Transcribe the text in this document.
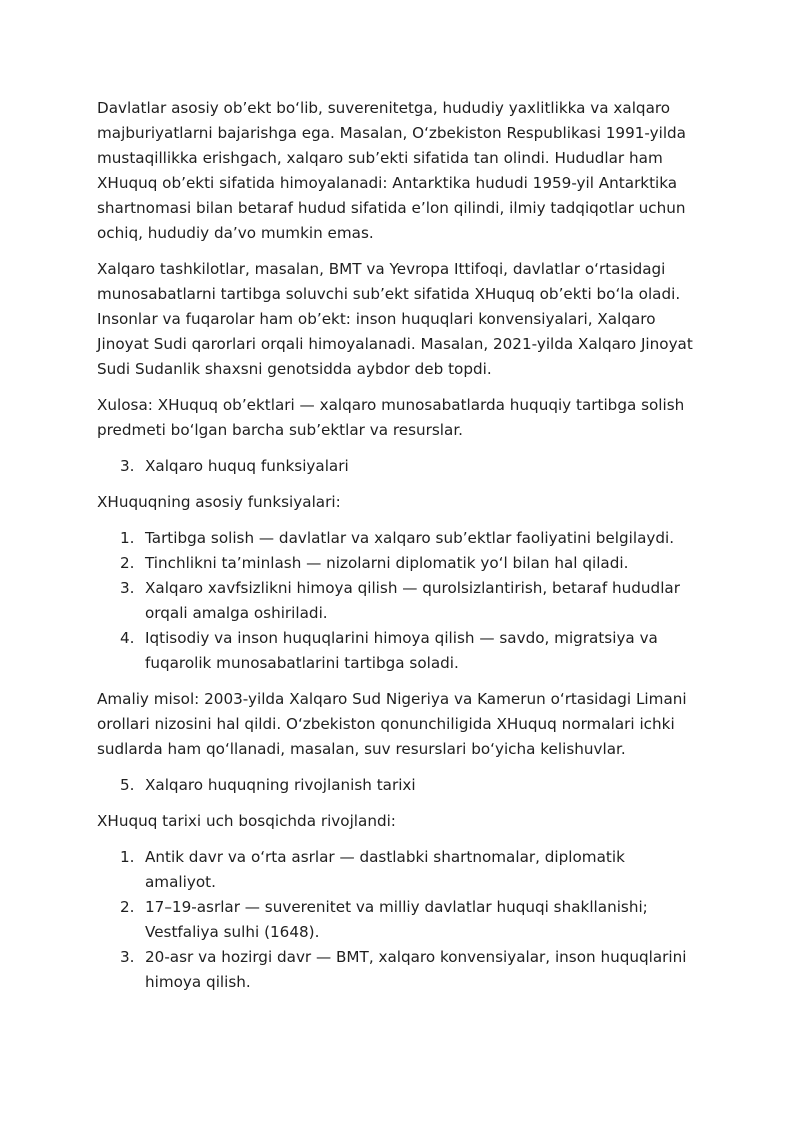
Davlatlar asosiy ob’ekt bo‘lib, suverenitetga, hududiy yaxlitlikka va xalqaro majburiyatlarni bajarishga ega. Masalan, O‘zbekiston Respublikasi 1991-yilda mustaqillikka erishgach, xalqaro sub’ekti sifatida tan olindi. Hududlar ham XHuquq ob’ekti sifatida himoyalanadi: Antarktika hududi 1959-yil Antarktika shartnomasi bilan betaraf hudud sifatida e’lon qilindi, ilmiy tadqiqotlar uchun ochiq, hududiy da’vo mumkin emas.

Xalqaro tashkilotlar, masalan, BMT va Yevropa Ittifoqi, davlatlar o‘rtasidagi munosabatlarni tartibga soluvchi sub’ekt sifatida XHuquq ob’ekti bo‘la oladi. Insonlar va fuqarolar ham ob’ekt: inson huquqlari konvensiyalari, Xalqaro Jinoyat Sudi qarorlari orqali himoyalanadi. Masalan, 2021-yilda Xalqaro Jinoyat Sudi Sudanlik shaxsni genotsidda aybdor deb topdi.

Xulosa: XHuquq ob’ektlari — xalqaro munosabatlarda huquqiy tartibga solish predmeti bo‘lgan barcha sub’ektlar va resurslar.

3. Xalqaro huquq funksiyalari

XHuquqning asosiy funksiyalari:

1. Tartibga solish — davlatlar va xalqaro sub’ektlar faoliyatini belgilaydi.
2. Tinchlikni ta’minlash — nizolarni diplomatik yo‘l bilan hal qiladi.
3. Xalqaro xavfsizlikni himoya qilish — qurolsizlantirish, betaraf hududlar orqali amalga oshiriladi.
4. Iqtisodiy va inson huquqlarini himoya qilish — savdo, migratsiya va fuqarolik munosabatlarini tartibga soladi.

Amaliy misol: 2003-yilda Xalqaro Sud Nigeriya va Kamerun o‘rtasidagi Limani orollari nizosini hal qildi. O‘zbekiston qonunchiligida XHuquq normalari ichki sudlarda ham qo‘llanadi, masalan, suv resurslari bo‘yicha kelishuvlar.

5. Xalqaro huquqning rivojlanish tarixi

XHuquq tarixi uch bosqichda rivojlandi:

1. Antik davr va o‘rta asrlar — dastlabki shartnomalar, diplomatik amaliyot.
2. 17–19-asrlar — suverenitet va milliy davlatlar huquqi shakllanishi; Vestfaliya sulhi (1648).
3. 20-asr va hozirgi davr — BMT, xalqaro konvensiyalar, inson huquqlarini himoya qilish.
